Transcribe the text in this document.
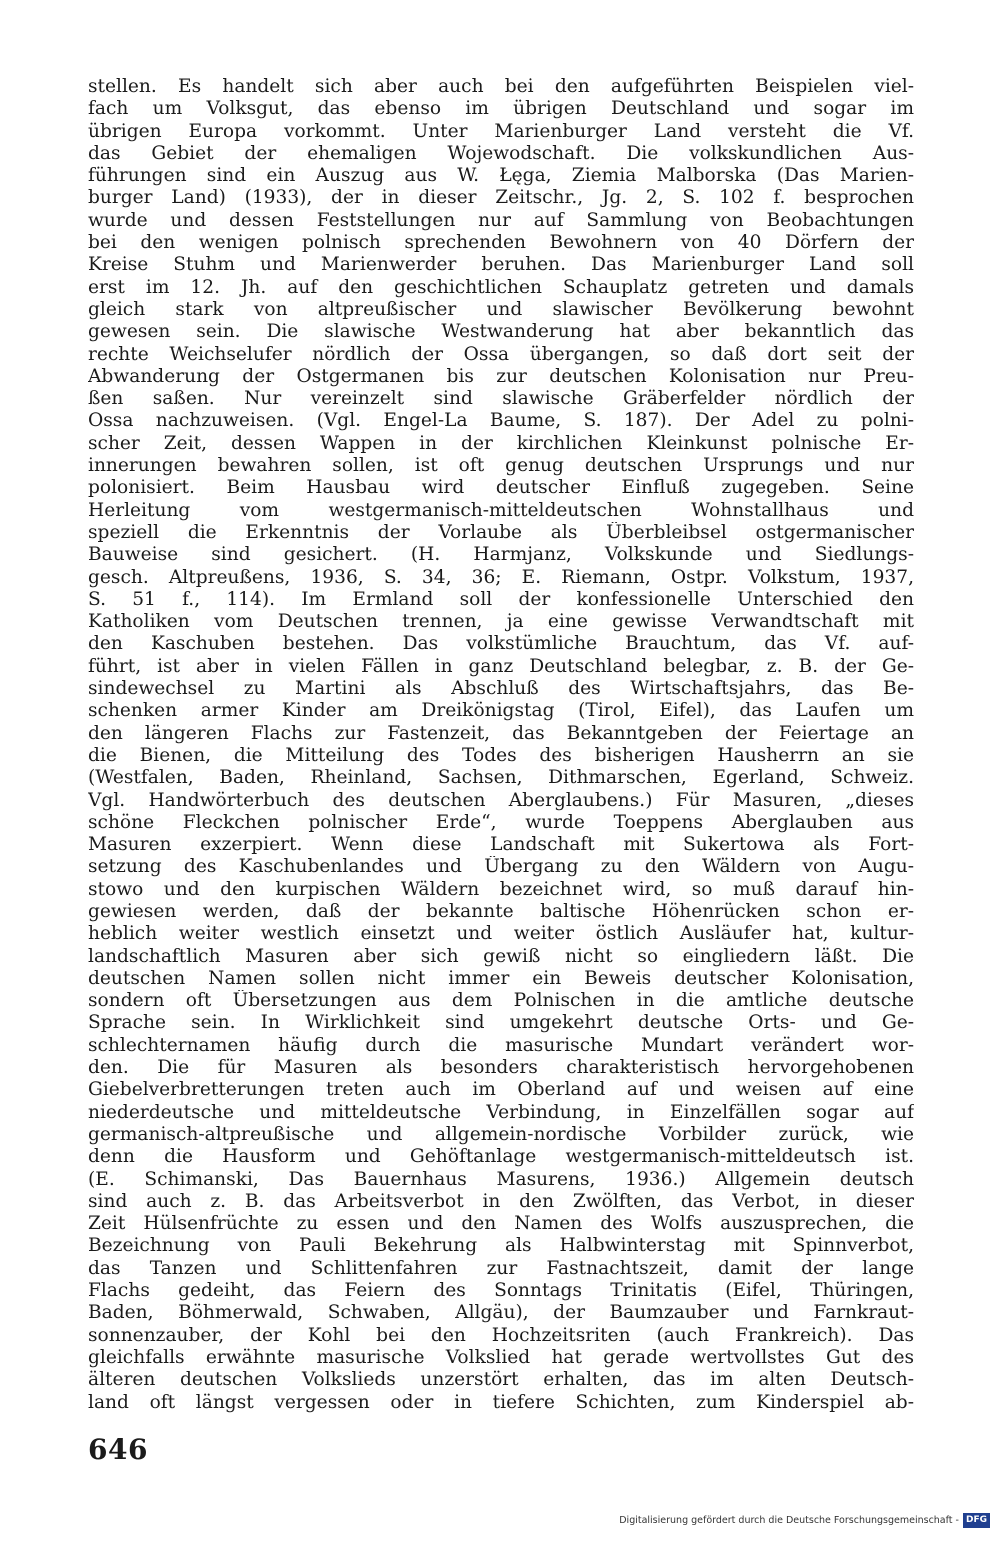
stellen. Es handelt sich aber auch bei den aufgeführten Beispielen viel-
fach um Volksgut, das ebenso im übrigen Deutschland und sogar im
übrigen Europa vorkommt. Unter Marienburger Land versteht die Vf.
das Gebiet der ehemaligen Wojewodschaft. Die volkskundlichen Aus-
führungen sind ein Auszug aus W. Łęga, Ziemia Malborska (Das Marien-
burger Land) (1933), der in dieser Zeitschr., Jg. 2, S. 102 f. besprochen
wurde und dessen Feststellungen nur auf Sammlung von Beobachtungen
bei den wenigen polnisch sprechenden Bewohnern von 40 Dörfern der
Kreise Stuhm und Marienwerder beruhen. Das Marienburger Land soll
erst im 12. Jh. auf den geschichtlichen Schauplatz getreten und damals
gleich stark von altpreußischer und slawischer Bevölkerung bewohnt
gewesen sein. Die slawische Westwanderung hat aber bekanntlich das
rechte Weichselufer nördlich der Ossa übergangen, so daß dort seit der
Abwanderung der Ostgermanen bis zur deutschen Kolonisation nur Preu-
ßen saßen. Nur vereinzelt sind slawische Gräberfelder nördlich der
Ossa nachzuweisen. (Vgl. Engel-La Baume, S. 187). Der Adel zu polni-
scher Zeit, dessen Wappen in der kirchlichen Kleinkunst polnische Er-
innerungen bewahren sollen, ist oft genug deutschen Ursprungs und nur
polonisiert. Beim Hausbau wird deutscher Einfluß zugegeben. Seine
Herleitung vom westgermanisch-mitteldeutschen Wohnstallhaus und
speziell die Erkenntnis der Vorlaube als Überbleibsel ostgermanischer
Bauweise sind gesichert. (H. Harmjanz, Volkskunde und Siedlungs-
gesch. Altpreußens, 1936, S. 34, 36; E. Riemann, Ostpr. Volkstum, 1937,
S. 51 f., 114). Im Ermland soll der konfessionelle Unterschied den
Katholiken vom Deutschen trennen, ja eine gewisse Verwandtschaft mit
den Kaschuben bestehen. Das volkstümliche Brauchtum, das Vf. auf-
führt, ist aber in vielen Fällen in ganz Deutschland belegbar, z. B. der Ge-
sindewechsel zu Martini als Abschluß des Wirtschaftsjahrs, das Be-
schenken armer Kinder am Dreikönigstag (Tirol, Eifel), das Laufen um
den längeren Flachs zur Fastenzeit, das Bekanntgeben der Feiertage an
die Bienen, die Mitteilung des Todes des bisherigen Hausherrn an sie
(Westfalen, Baden, Rheinland, Sachsen, Dithmarschen, Egerland, Schweiz.
Vgl. Handwörterbuch des deutschen Aberglaubens.) Für Masuren, „dieses
schöne Fleckchen polnischer Erde“, wurde Toeppens Aberglauben aus
Masuren exzerpiert. Wenn diese Landschaft mit Sukertowa als Fort-
setzung des Kaschubenlandes und Übergang zu den Wäldern von Augu-
stowo und den kurpischen Wäldern bezeichnet wird, so muß darauf hin-
gewiesen werden, daß der bekannte baltische Höhenrücken schon er-
heblich weiter westlich einsetzt und weiter östlich Ausläufer hat, kultur-
landschaftlich Masuren aber sich gewiß nicht so eingliedern läßt. Die
deutschen Namen sollen nicht immer ein Beweis deutscher Kolonisation,
sondern oft Übersetzungen aus dem Polnischen in die amtliche deutsche
Sprache sein. In Wirklichkeit sind umgekehrt deutsche Orts- und Ge-
schlechternamen häufig durch die masurische Mundart verändert wor-
den. Die für Masuren als besonders charakteristisch hervorgehobenen
Giebelverbretterungen treten auch im Oberland auf und weisen auf eine
niederdeutsche und mitteldeutsche Verbindung, in Einzelfällen sogar auf
germanisch-altpreußische und allgemein-nordische Vorbilder zurück, wie
denn die Hausform und Gehöftanlage westgermanisch-mitteldeutsch ist.
(E. Schimanski, Das Bauernhaus Masurens, 1936.) Allgemein deutsch
sind auch z. B. das Arbeitsverbot in den Zwölften, das Verbot, in dieser
Zeit Hülsenfrüchte zu essen und den Namen des Wolfs auszusprechen, die
Bezeichnung von Pauli Bekehrung als Halbwinterstag mit Spinnverbot,
das Tanzen und Schlittenfahren zur Fastnachtszeit, damit der lange
Flachs gedeiht, das Feiern des Sonntags Trinitatis (Eifel, Thüringen,
Baden, Böhmerwald, Schwaben, Allgäu), der Baumzauber und Farnkraut-
sonnenzauber, der Kohl bei den Hochzeitsriten (auch Frankreich). Das
gleichfalls erwähnte masurische Volkslied hat gerade wertvollstes Gut des
älteren deutschen Volkslieds unzerstört erhalten, das im alten Deutsch-
land oft längst vergessen oder in tiefere Schichten, zum Kinderspiel ab-
646
Digitalisierung gefördert durch die Deutsche Forschungsgemeinschaft - DFG
